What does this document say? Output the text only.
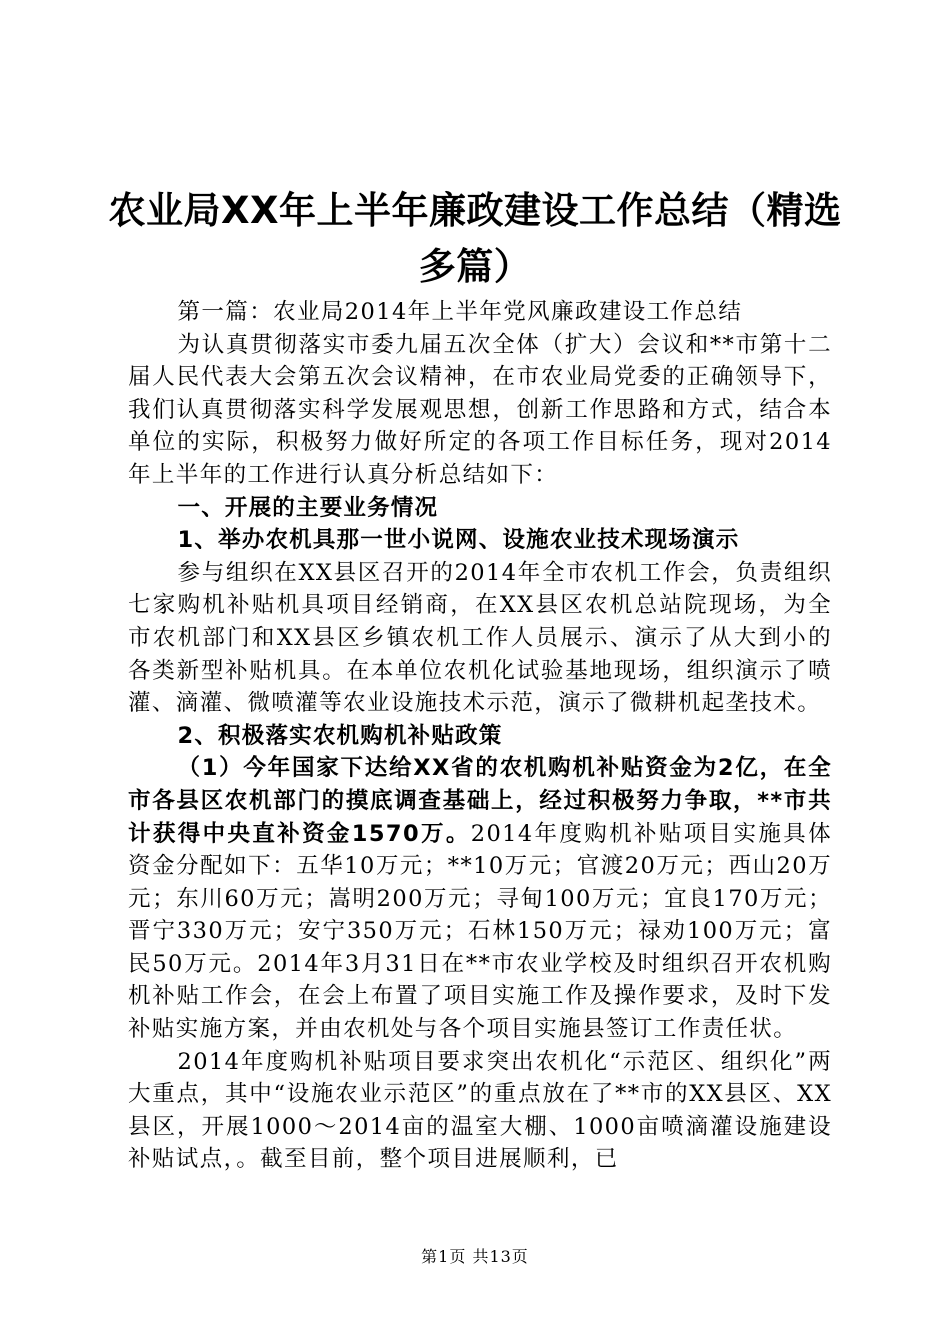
农业局XX年上半年廉政建设工作总结（精选
多篇）

第一篇：农业局2014年上半年党风廉政建设工作总结

为认真贯彻落实市委九届五次全体（扩大）会议和**市第十二届人民代表大会第五次会议精神，在市农业局党委的正确领导下，我们认真贯彻落实科学发展观思想，创新工作思路和方式，结合本单位的实际，积极努力做好所定的各项工作目标任务，现对2014年上半年的工作进行认真分析总结如下：

一、开展的主要业务情况

1、举办农机具那一世小说网、设施农业技术现场演示

参与组织在XX县区召开的2014年全市农机工作会，负责组织七家购机补贴机具项目经销商，在XX县区农机总站院现场，为全市农机部门和XX县区乡镇农机工作人员展示、演示了从大到小的各类新型补贴机具。在本单位农机化试验基地现场，组织演示了喷灌、滴灌、微喷灌等农业设施技术示范，演示了微耕机起垄技术。

2、积极落实农机购机补贴政策

（1）今年国家下达给XX省的农机购机补贴资金为2亿，在全市各县区农机部门的摸底调查基础上，经过积极努力争取，**市共计获得中央直补资金1570万。2014年度购机补贴项目实施具体资金分配如下：五华10万元；**10万元；官渡20万元；西山20万元；东川60万元；嵩明200万元；寻甸100万元；宜良170万元；晋宁330万元；安宁350万元；石林150万元；禄劝100万元；富民50万元。2014年3月31日在**市农业学校及时组织召开农机购机补贴工作会，在会上布置了项目实施工作及操作要求，及时下发补贴实施方案，并由农机处与各个项目实施县签订工作责任状。

2014年度购机补贴项目要求突出农机化“示范区、组织化”两大重点，其中“设施农业示范区”的重点放在了**市的XX县区、XX县区，开展1000～2014亩的温室大棚、1000亩喷滴灌设施建设补贴试点，。截至目前，整个项目进展顺利，已

第1页 共13页
